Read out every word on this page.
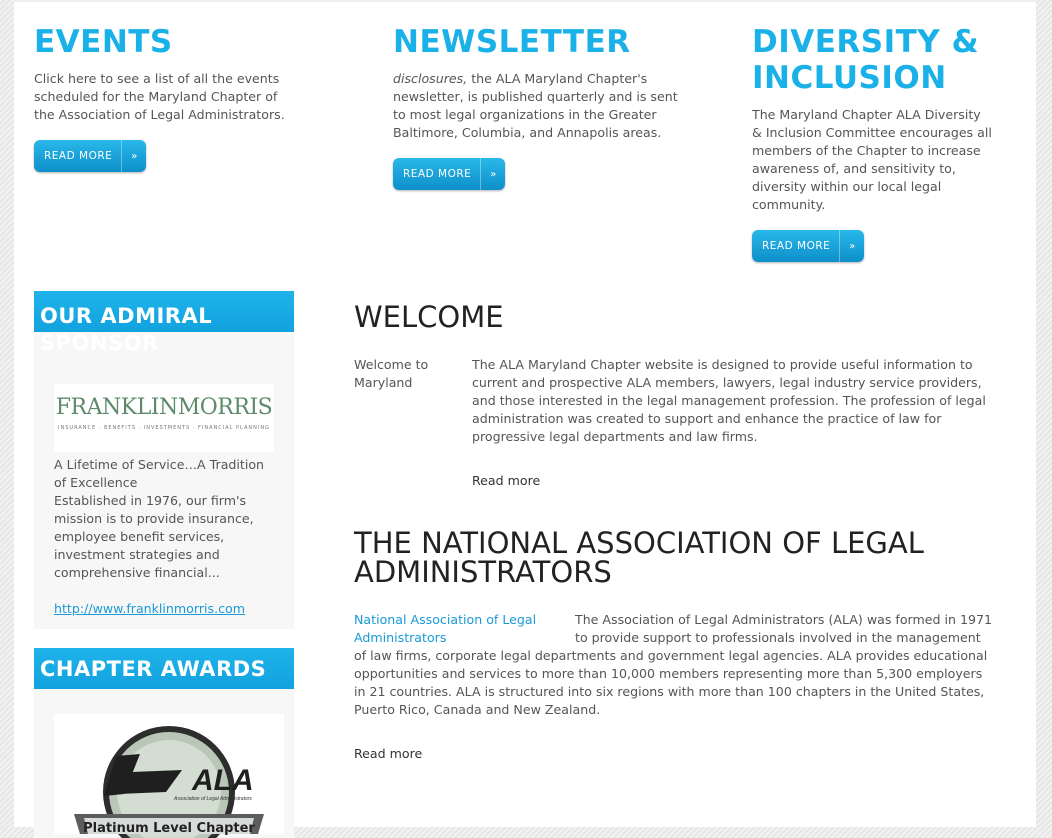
EVENTS

Click here to see a list of all the events scheduled for the Maryland Chapter of the Association of Legal Administrators.

READ MORE	»
NEWSLETTER

disclosures, the ALA Maryland Chapter's newsletter, is published quarterly and is sent to most legal organizations in the Greater Baltimore, Columbia, and Annapolis areas.

READ MORE	»
DIVERSITY & INCLUSION

The Maryland Chapter ALA Diversity & Inclusion Committee encourages all members of the Chapter to increase awareness of, and sensitivity to, diversity within our local legal community.

READ MORE	»
OUR ADMIRAL SPONSOR
FRANKLINMORRIS
INSURANCE · BENEFITS · INVESTMENTS · FINANCIAL PLANNING
A Lifetime of Service…A Tradition of Excellence
Established in 1976, our firm's mission is to provide insurance, employee benefit services, investment strategies and comprehensive financial...
http://www.franklinmorris.com
CHAPTER AWARDS
ALA
Association of Legal Administrators
Platinum Level Chapter
WELCOME
Welcome to Maryland
The ALA Maryland Chapter website is designed to provide useful information to current and prospective ALA members, lawyers, legal industry service providers, and those interested in the legal management profession. The profession of legal administration was created to support and enhance the practice of law for progressive legal departments and law firms.
Read more
THE NATIONAL ASSOCIATION OF LEGAL ADMINISTRATORS
National Association of Legal Administrators
The Association of Legal Administrators (ALA) was formed in 1971 to provide support to professionals involved in the management of law firms, corporate legal departments and government legal agencies. ALA provides educational opportunities and services to more than 10,000 members representing more than 5,300 employers in 21 countries. ALA is structured into six regions with more than 100 chapters in the United States, Puerto Rico, Canada and New Zealand.
Read more
